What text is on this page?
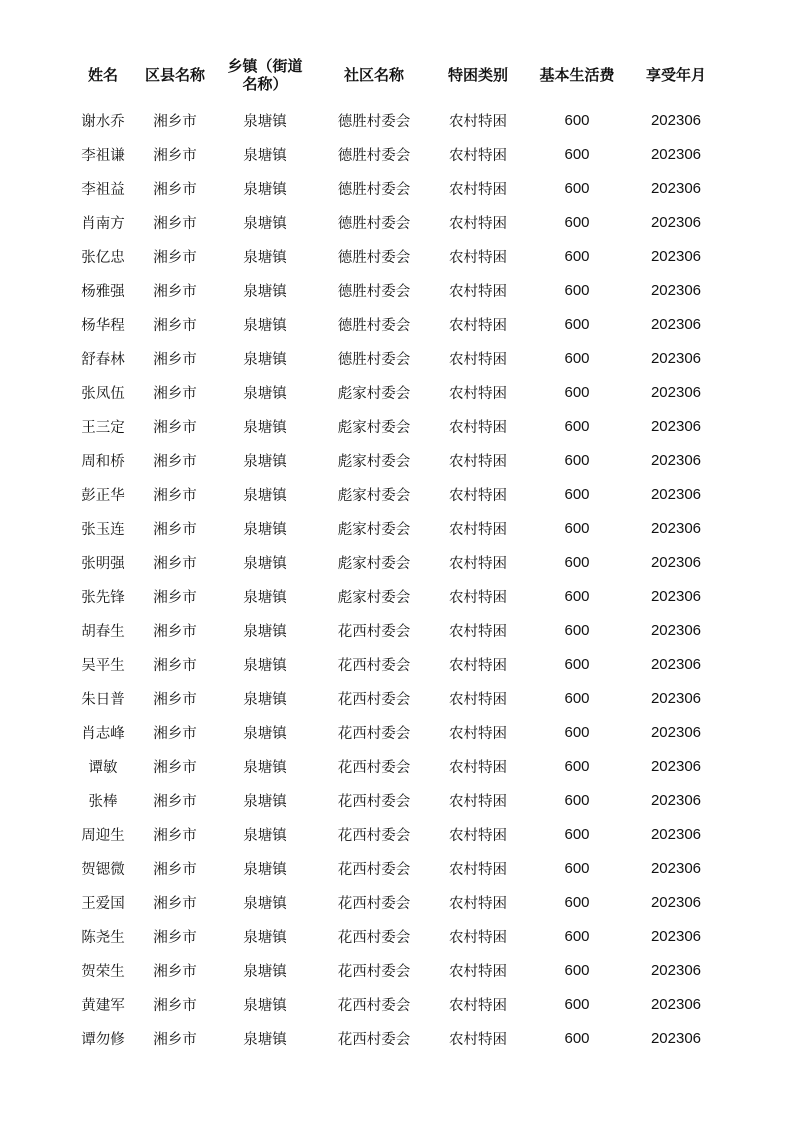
姓名	区县名称	乡镇（街道
名称）	社区名称	特困类别	基本生活费	享受年月
谢水乔	湘乡市	泉塘镇	德胜村委会	农村特困	600	202306
李祖谦	湘乡市	泉塘镇	德胜村委会	农村特困	600	202306
李祖益	湘乡市	泉塘镇	德胜村委会	农村特困	600	202306
肖南方	湘乡市	泉塘镇	德胜村委会	农村特困	600	202306
张亿忠	湘乡市	泉塘镇	德胜村委会	农村特困	600	202306
杨雅强	湘乡市	泉塘镇	德胜村委会	农村特困	600	202306
杨华程	湘乡市	泉塘镇	德胜村委会	农村特困	600	202306
舒春林	湘乡市	泉塘镇	德胜村委会	农村特困	600	202306
张凤伍	湘乡市	泉塘镇	彪家村委会	农村特困	600	202306
王三定	湘乡市	泉塘镇	彪家村委会	农村特困	600	202306
周和桥	湘乡市	泉塘镇	彪家村委会	农村特困	600	202306
彭正华	湘乡市	泉塘镇	彪家村委会	农村特困	600	202306
张玉连	湘乡市	泉塘镇	彪家村委会	农村特困	600	202306
张明强	湘乡市	泉塘镇	彪家村委会	农村特困	600	202306
张先锋	湘乡市	泉塘镇	彪家村委会	农村特困	600	202306
胡春生	湘乡市	泉塘镇	花西村委会	农村特困	600	202306
吴平生	湘乡市	泉塘镇	花西村委会	农村特困	600	202306
朱日普	湘乡市	泉塘镇	花西村委会	农村特困	600	202306
肖志峰	湘乡市	泉塘镇	花西村委会	农村特困	600	202306
谭敏	湘乡市	泉塘镇	花西村委会	农村特困	600	202306
张棒	湘乡市	泉塘镇	花西村委会	农村特困	600	202306
周迎生	湘乡市	泉塘镇	花西村委会	农村特困	600	202306
贺锶微	湘乡市	泉塘镇	花西村委会	农村特困	600	202306
王爱国	湘乡市	泉塘镇	花西村委会	农村特困	600	202306
陈尧生	湘乡市	泉塘镇	花西村委会	农村特困	600	202306
贺荣生	湘乡市	泉塘镇	花西村委会	农村特困	600	202306
黄建军	湘乡市	泉塘镇	花西村委会	农村特困	600	202306
谭勿修	湘乡市	泉塘镇	花西村委会	农村特困	600	202306
